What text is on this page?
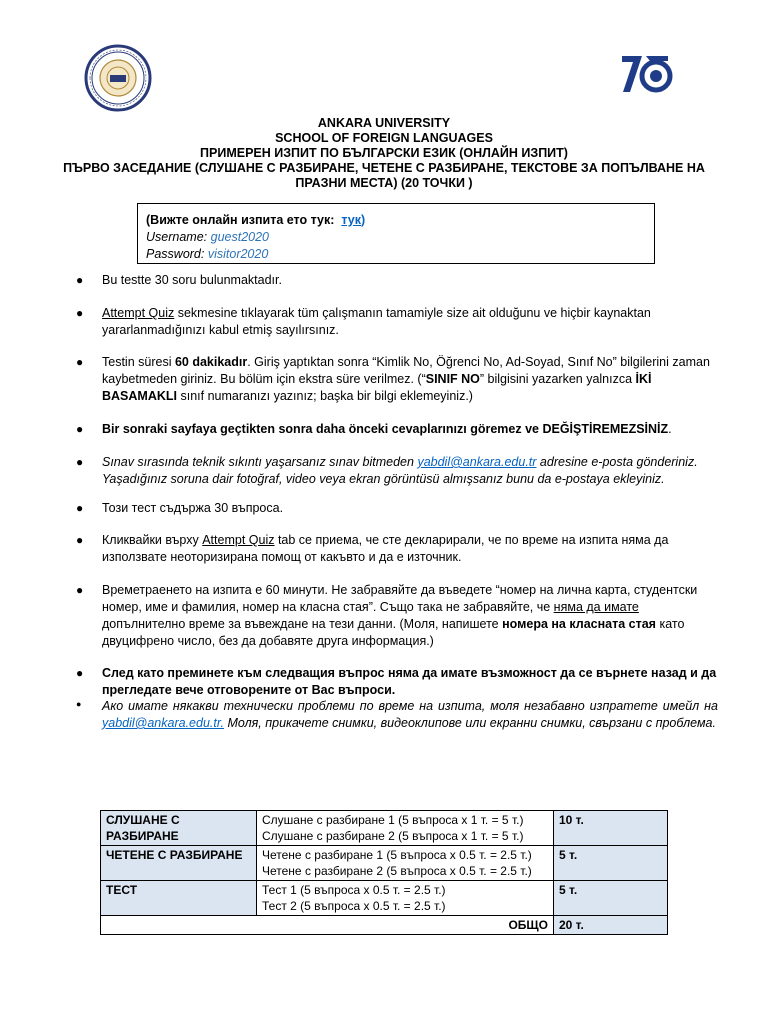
ANKARA UNIVERSITY
SCHOOL OF FOREIGN LANGUAGES
ПРИМЕРЕН ИЗПИТ ПО БЪЛГАРСКИ ЕЗИК (ОНЛАЙН ИЗПИТ)
ПЪРВО ЗАСЕДАНИЕ (СЛУШАНЕ С РАЗБИРАНЕ, ЧЕТЕНЕ С РАЗБИРАНЕ, ТЕКСТОВЕ ЗА ПОПЪЛВАНЕ НА ПРАЗНИ МЕСТА) (20 ТОЧКИ )
(Вижте онлайн изпита ето тук: тук)
Username: guest2020
Password: visitor2020
● Bu testte 30 soru bulunmaktadır.
● Attempt Quiz sekmesine tıklayarak tüm çalışmanın tamamiyle size ait olduğunu ve hiçbir kaynaktan yararlanmadığınızı kabul etmiş sayılırsınız.
● Testin süresi 60 dakikadır. Giriş yaptıktan sonra “Kimlik No, Öğrenci No, Ad-Soyad, Sınıf No” bilgilerini zaman kaybetmeden giriniz. Bu bölüm için ekstra süre verilmez. (“SINIF NO” bilgisini yazarken yalnızca İKİ BASAMAKLI sınıf numaranızı yazınız; başka bir bilgi eklemeyiniz.)
● Bir sonraki sayfaya geçtikten sonra daha önceki cevaplarınızı göremez ve DEĞİŞTİREMEZSİNİZ.
● Sınav sırasında teknik sıkıntı yaşarsanız sınav bitmeden yabdil@ankara.edu.tr adresine e-posta gönderiniz. Yaşadığınız soruna dair fotoğraf, video veya ekran görüntüsü almışsanız bunu da e-postaya ekleyiniz.
● Този тест съдържа 30 въпроса.
● Кликвайки върху Attempt Quiz tab се приема, че сте декларирали, че по време на изпита няма да използвате неоторизирана помощ от какъвто и да е източник.
● Времетраенето на изпита е 60 минути. Не забравяйте да въведете “номер на лична карта, студентски номер, име и фамилия, номер на класна стая”. Също така не забравяйте, че няма да имате допълнително време за въвеждане на тези данни. (Моля, напишете номера на класната стая като двуцифрено число, без да добавяте друга информация.)
● След като преминете към следващия въпрос няма да имате възможност да се върнете назад и да прегледате вече отговорените от Вас въпроси.
● Ако имате някакви технически проблеми по време на изпита, моля незабавно изпратете имейл на yabdil@ankara.edu.tr. Моля, прикачете снимки, видеоклипове или екранни снимки, свързани с проблема.
СЛУШАНЕ С РАЗБИРАНЕ	Слушане с разбиране 1 (5 въпроса х 1 т. = 5 т.)
Слушане с разбиране 2 (5 въпроса х 1 т. = 5 т.)	10 т.
ЧЕТЕНЕ С РАЗБИРАНЕ	Четене с разбиране 1 (5 въпроса х 0.5 т. = 2.5 т.)
Четене с разбиране 2 (5 въпроса х 0.5 т. = 2.5 т.)	5 т.
ТЕСТ	Тест 1 (5 въпроса х 0.5 т. = 2.5 т.)
Тест 2 (5 въпроса х 0.5 т. = 2.5 т.)	5 т.
ОБЩО		20 т.
